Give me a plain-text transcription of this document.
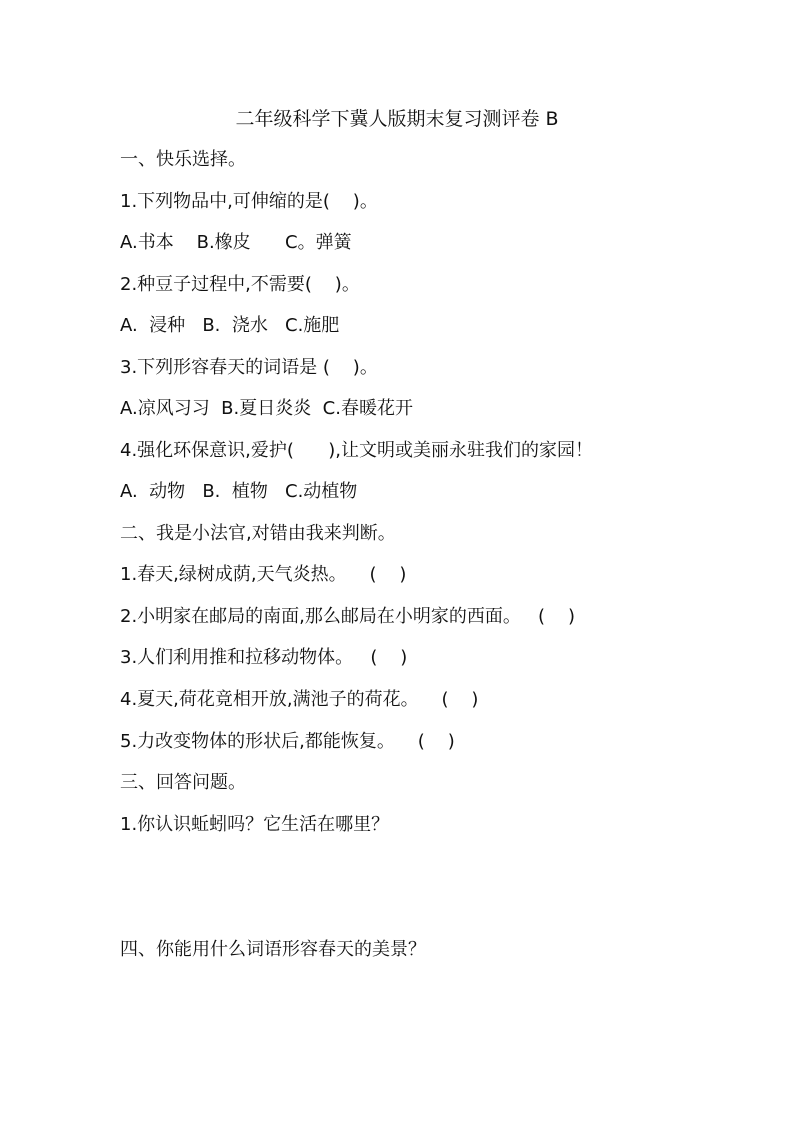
二年级科学下冀人版期末复习测评卷 B
一、快乐选择。
1.下列物品中,可伸缩的是(    )。
A.书本    B.橡皮      C。弹簧
2.种豆子过程中,不需要(    )。
A.  浸种   B.  浇水   C.施肥
3.下列形容春天的词语是 (    )。
A.凉风习习  B.夏日炎炎  C.春暖花开
4.强化环保意识,爱护(      ),让文明或美丽永驻我们的家园！
A.  动物   B.  植物   C.动植物
二、我是小法官,对错由我来判断。
1.春天,绿树成荫,天气炎热。    (    )
2.小明家在邮局的南面,那么邮局在小明家的西面。   (    )
3.人们利用推和拉移动物体。   (    )
4.夏天,荷花竟相开放,满池子的荷花。    (    )
5.力改变物体的形状后,都能恢复。    (    )
三、回答问题。
1.你认识蚯蚓吗？它生活在哪里？
四、你能用什么词语形容春天的美景？
